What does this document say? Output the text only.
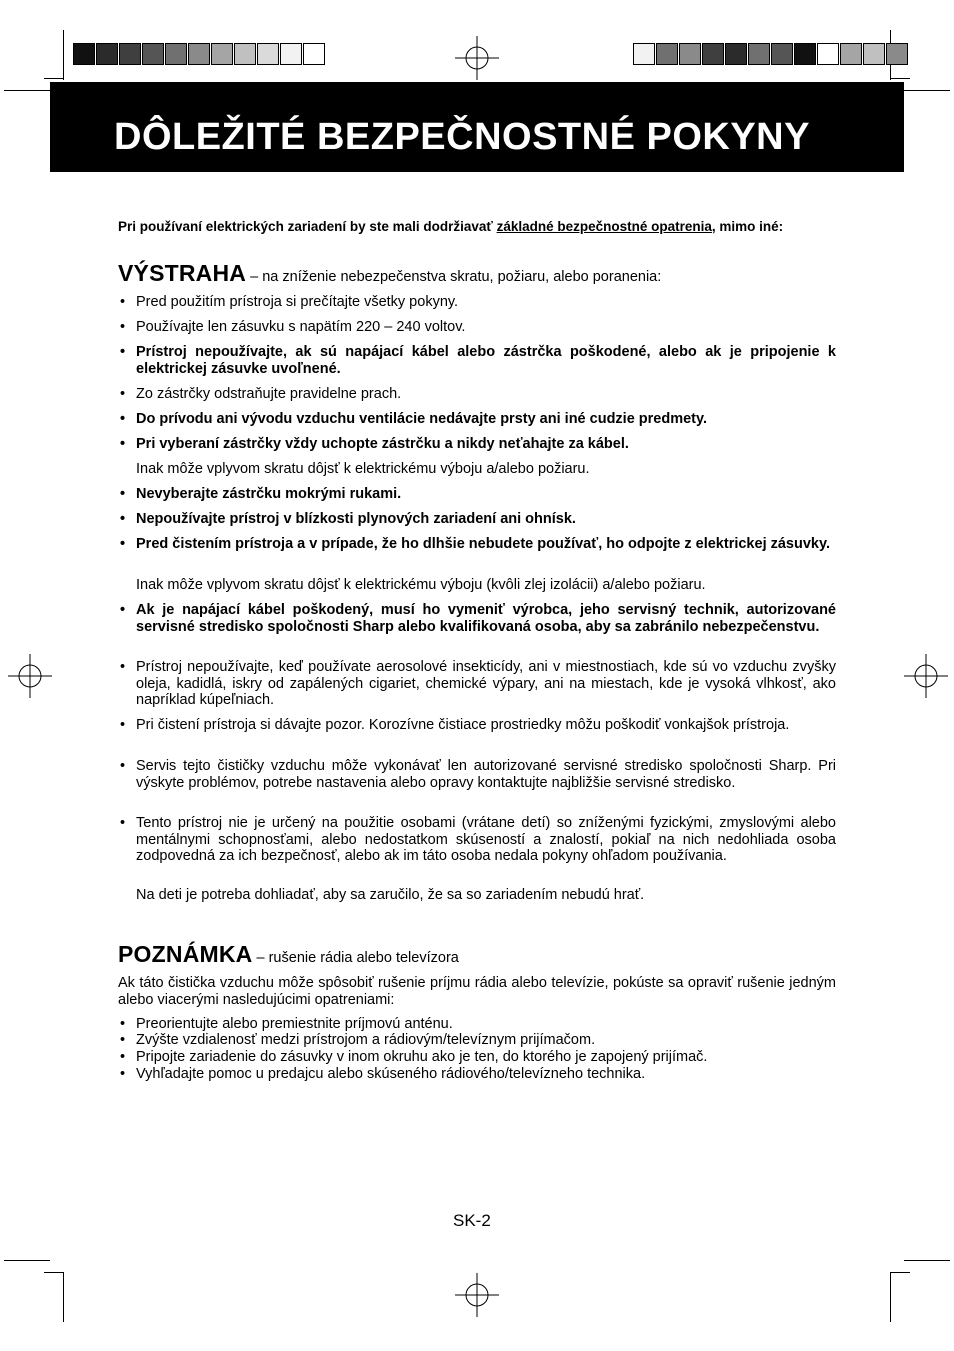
DÔLEŽITÉ BEZPEČNOSTNÉ POKYNY
Pri používaní elektrických zariadení by ste mali dodržiavať základné bezpečnostné opatrenia, mimo iné:
VÝSTRAHA – na zníženie nebezpečenstva skratu, požiaru, alebo poranenia:
• Pred použitím prístroja si prečítajte všetky pokyny.
• Používajte len zásuvku s napätím 220 – 240 voltov.
• Prístroj nepoužívajte, ak sú napájací kábel alebo zástrčka poškodené, alebo ak je pripojenie k elektrickej zásuvke uvoľnené.
• Zo zástrčky odstraňujte pravidelne prach.
• Do prívodu ani vývodu vzduchu ventilácie nedávajte prsty ani iné cudzie predmety.
• Pri vyberaní zástrčky vždy uchopte zástrčku a nikdy neťahajte za kábel.
Inak môže vplyvom skratu dôjsť k elektrickému výboju a/alebo požiaru.
• Nevyberajte zástrčku mokrými rukami.
• Nepoužívajte prístroj v blízkosti plynových zariadení ani ohnísk.
• Pred čistením prístroja a v prípade, že ho dlhšie nebudete používať, ho odpojte z elektrickej zásuvky.
Inak môže vplyvom skratu dôjsť k elektrickému výboju (kvôli zlej izolácii) a/alebo požiaru.
• Ak je napájací kábel poškodený, musí ho vymeniť výrobca, jeho servisný technik, autorizované servisné stredisko spoločnosti Sharp alebo kvalifikovaná osoba, aby sa zabránilo nebezpečenstvu.
• Prístroj nepoužívajte, keď používate aerosolové insekticídy, ani v miestnostiach, kde sú vo vzduchu zvyšky oleja, kadidlá, iskry od zapálených cigariet, chemické výpary, ani na miestach, kde je vysoká vlhkosť, ako napríklad kúpeľniach.
• Pri čistení prístroja si dávajte pozor. Korozívne čistiace prostriedky môžu poškodiť vonkajšok prístroja.
• Servis tejto čističky vzduchu môže vykonávať len autorizované servisné stredisko spoločnosti Sharp. Pri výskyte problémov, potrebe nastavenia alebo opravy kontaktujte najbližšie servisné stredisko.
• Tento prístroj nie je určený na použitie osobami (vrátane detí) so zníženými fyzickými, zmyslovými alebo mentálnymi schopnosťami, alebo nedostatkom skúseností a znalostí, pokiaľ na nich nedohliada osoba zodpovedná za ich bezpečnosť, alebo ak im táto osoba nedala pokyny ohľadom používania.
Na deti je potreba dohliadať, aby sa zaručilo, že sa so zariadením nebudú hrať.
POZNÁMKA – rušenie rádia alebo televízora
Ak táto čistička vzduchu môže spôsobiť rušenie príjmu rádia alebo televízie, pokúste sa opraviť rušenie jedným alebo viacerými nasledujúcimi opatreniami:
• Preorientujte alebo premiestnite príjmovú anténu.
• Zvýšte vzdialenosť medzi prístrojom a rádiovým/televíznym prijímačom.
• Pripojte zariadenie do zásuvky v inom okruhu ako je ten, do ktorého je zapojený prijímač.
• Vyhľadajte pomoc u predajcu alebo skúseného rádiového/televízneho technika.
SK-2
